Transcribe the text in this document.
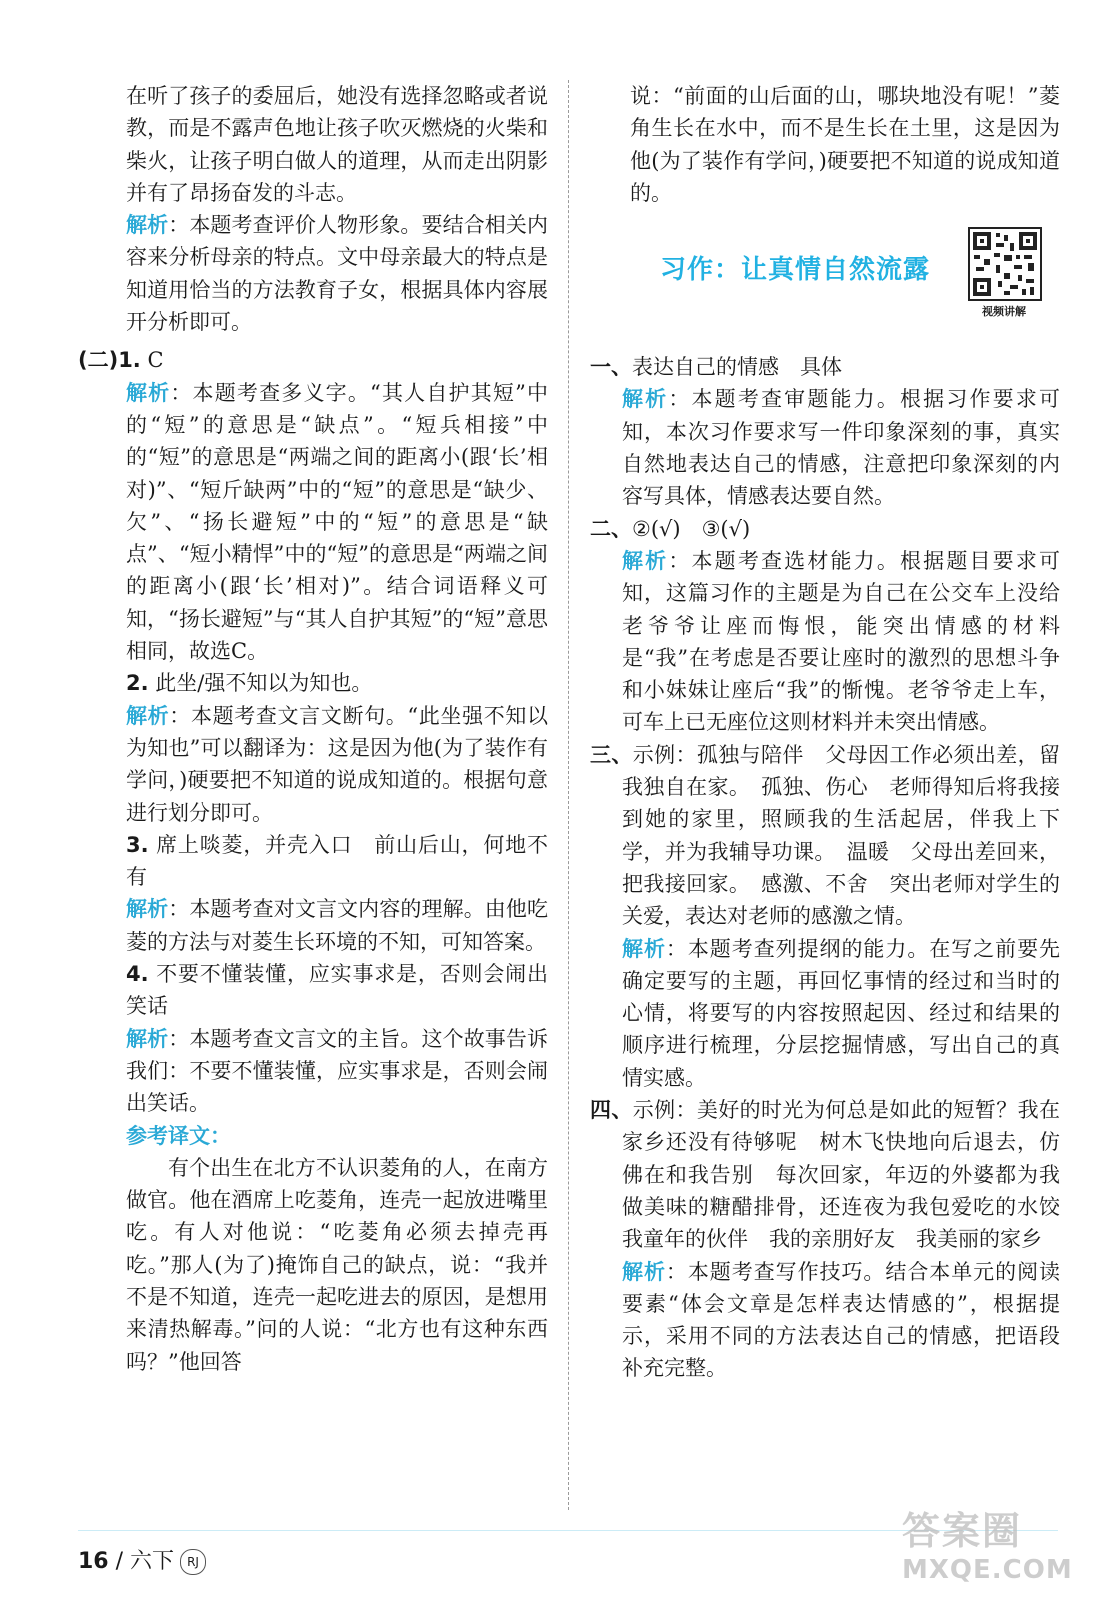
在听了孩子的委屈后，她没有选择忽略或者说教，而是不露声色地让孩子吹灭燃烧的火柴和柴火，让孩子明白做人的道理，从而走出阴影并有了昂扬奋发的斗志。

解析：本题考查评价人物形象。要结合相关内容来分析母亲的特点。文中母亲最大的特点是知道用恰当的方法教育子女，根据具体内容展开分析即可。

(二)1. C

解析：本题考查多义字。“其人自护其短”中的“短”的意思是“缺点”。“短兵相接”中的“短”的意思是“两端之间的距离小(跟‘长’相对)”、“短斤缺两”中的“短”的意思是“缺少、欠”、“扬长避短”中的“短”的意思是“缺点”、“短小精悍”中的“短”的意思是“两端之间的距离小(跟‘长’相对)”。结合词语释义可知，“扬长避短”与“其人自护其短”的“短”意思相同，故选C。

2. 此坐/强不知以为知也。

解析：本题考查文言文断句。“此坐强不知以为知也”可以翻译为：这是因为他(为了装作有学问，)硬要把不知道的说成知道的。根据句意进行划分即可。

3. 席上啖菱，并壳入口　前山后山，何地不有

解析：本题考查对文言文内容的理解。由他吃菱的方法与对菱生长环境的不知，可知答案。

4. 不要不懂装懂，应实事求是，否则会闹出笑话

解析：本题考查文言文的主旨。这个故事告诉我们：不要不懂装懂，应实事求是，否则会闹出笑话。

参考译文：

有个出生在北方不认识菱角的人，在南方做官。他在酒席上吃菱角，连壳一起放进嘴里吃。有人对他说：“吃菱角必须去掉壳再吃。”那人(为了)掩饰自己的缺点，说：“我并不是不知道，连壳一起吃进去的原因，是想用来清热解毒。”问的人说：“北方也有这种东西吗？”他回答

说：“前面的山后面的山，哪块地没有呢！”菱角生长在水中，而不是生长在土里，这是因为他(为了装作有学问，)硬要把不知道的说成知道的。

习作：让真情自然流露
视频讲解

一、表达自己的情感　具体

解析：本题考查审题能力。根据习作要求可知，本次习作要求写一件印象深刻的事，真实自然地表达自己的情感，注意把印象深刻的内容写具体，情感表达要自然。

二、②(√)　③(√)

解析：本题考查选材能力。根据题目要求可知，这篇习作的主题是为自己在公交车上没给老爷爷让座而悔恨，能突出情感的材料是“我”在考虑是否要让座时的激烈的思想斗争和小妹妹让座后“我”的惭愧。老爷爷走上车，可车上已无座位这则材料并未突出情感。

三、示例：孤独与陪伴　父母因工作必须出差，留我独自在家。　孤独、伤心　老师得知后将我接到她的家里，照顾我的生活起居，伴我上下学，并为我辅导功课。　温暖　父母出差回来，把我接回家。　感激、不舍　突出老师对学生的关爱，表达对老师的感激之情。

解析：本题考查列提纲的能力。在写之前要先确定要写的主题，再回忆事情的经过和当时的心情，将要写的内容按照起因、经过和结果的顺序进行梳理，分层挖掘情感，写出自己的真情实感。

四、示例：美好的时光为何总是如此的短暂？我在家乡还没有待够呢　树木飞快地向后退去，仿佛在和我告别　每次回家，年迈的外婆都为我做美味的糖醋排骨，还连夜为我包爱吃的水饺　我童年的伙伴　我的亲朋好友　我美丽的家乡

解析：本题考查写作技巧。结合本单元的阅读要素“体会文章是怎样表达情感的”，根据提示，采用不同的方法表达自己的情感，把语段补充完整。

16 / 六下 RJ
答案圈
MXQE.COM
